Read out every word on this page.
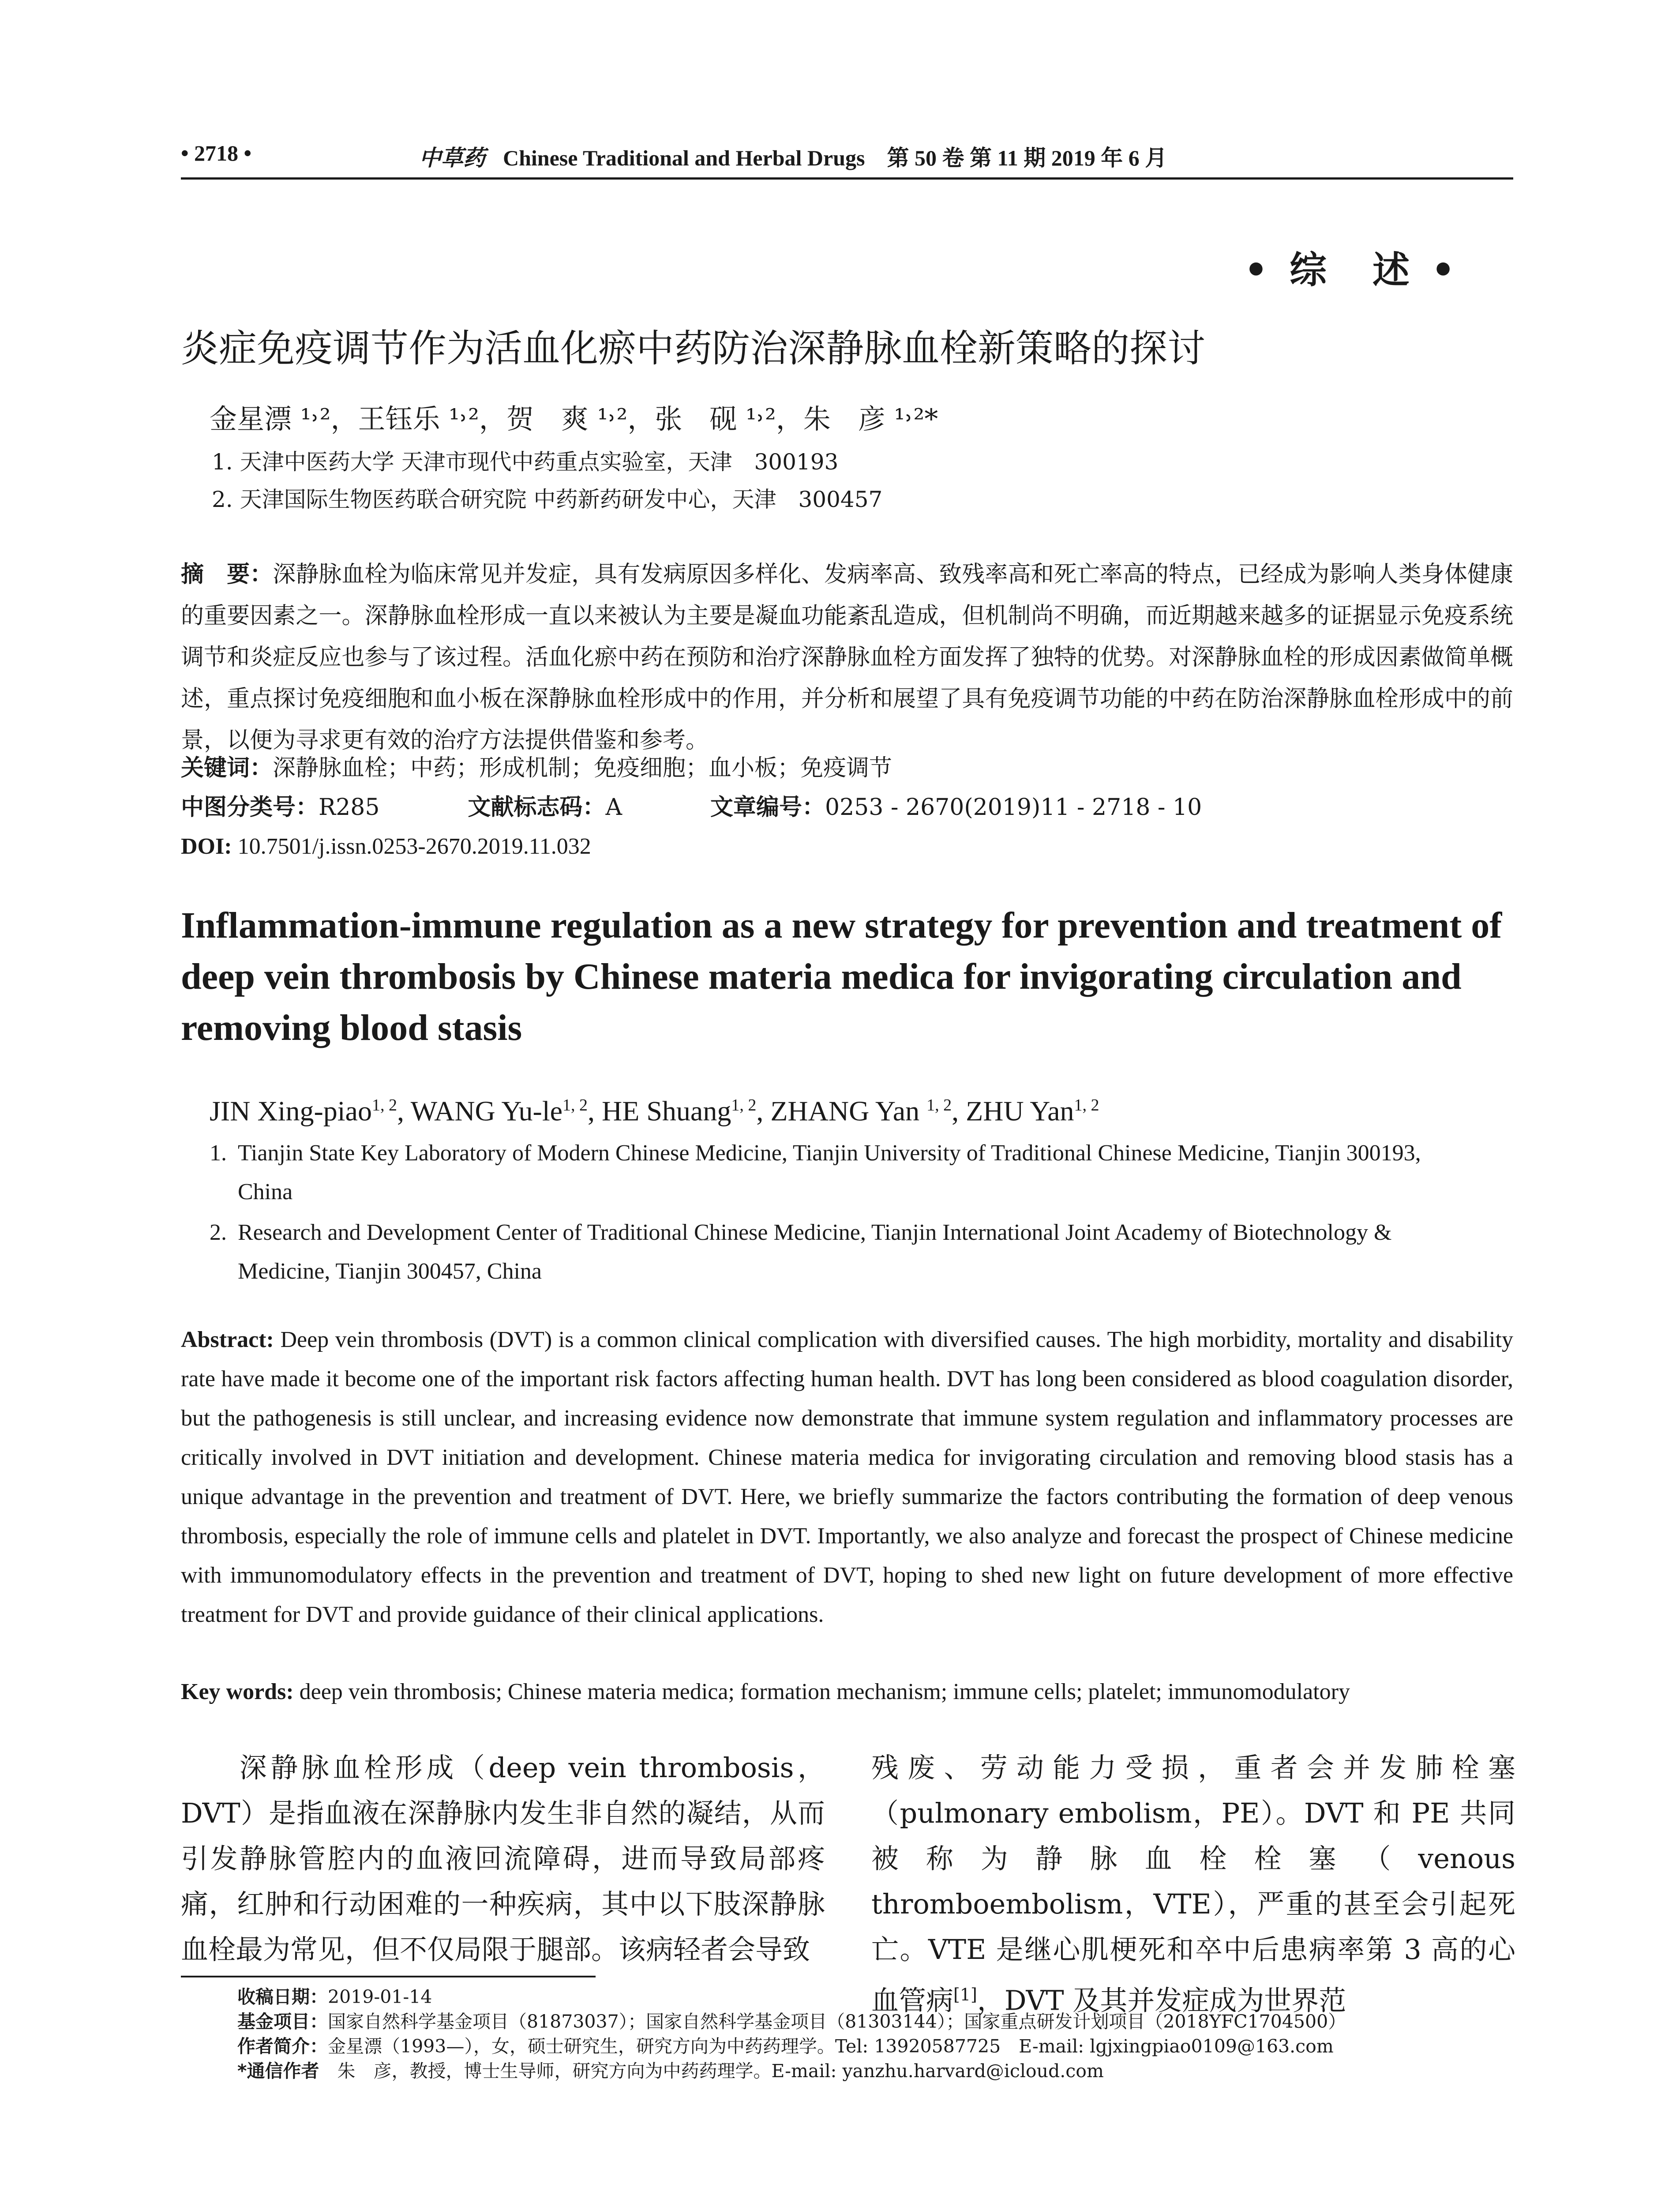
• 2718 •	中草药 Chinese Traditional and Herbal Drugs　第 50 卷 第 11 期 2019 年 6 月
• 综　述 •
炎症免疫调节作为活血化瘀中药防治深静脉血栓新策略的探讨
金星漂 ¹˒²，王钰乐 ¹˒²，贺　爽 ¹˒²，张　砚 ¹˒²，朱　彦 ¹˒²*
1. 天津中医药大学 天津市现代中药重点实验室，天津　300193
2. 天津国际生物医药联合研究院 中药新药研发中心，天津　300457
摘　要：深静脉血栓为临床常见并发症，具有发病原因多样化、发病率高、致残率高和死亡率高的特点，已经成为影响人类身体健康的重要因素之一。深静脉血栓形成一直以来被认为主要是凝血功能紊乱造成，但机制尚不明确，而近期越来越多的证据显示免疫系统调节和炎症反应也参与了该过程。活血化瘀中药在预防和治疗深静脉血栓方面发挥了独特的优势。对深静脉血栓的形成因素做简单概述，重点探讨免疫细胞和血小板在深静脉血栓形成中的作用，并分析和展望了具有免疫调节功能的中药在防治深静脉血栓形成中的前景，以便为寻求更有效的治疗方法提供借鉴和参考。
关键词：深静脉血栓；中药；形成机制；免疫细胞；血小板；免疫调节
中图分类号：R285	文献标志码：A	文章编号：0253 - 2670(2019)11 - 2718 - 10
DOI: 10.7501/j.issn.0253-2670.2019.11.032
Inflammation-immune regulation as a new strategy for prevention and treatment of deep vein thrombosis by Chinese materia medica for invigorating circulation and removing blood stasis
JIN Xing-piao$^{1, 2}$, WANG Yu-le$^{1, 2}$, HE Shuang$^{1, 2}$, ZHANG Yan $^{1, 2}$, ZHU Yan$^{1, 2}$
1. Tianjin State Key Laboratory of Modern Chinese Medicine, Tianjin University of Traditional Chinese Medicine, Tianjin 300193,
China
2. Research and Development Center of Traditional Chinese Medicine, Tianjin International Joint Academy of Biotechnology &
Medicine, Tianjin 300457, China
Abstract: Deep vein thrombosis (DVT) is a common clinical complication with diversified causes. The high morbidity, mortality and disability rate have made it become one of the important risk factors affecting human health. DVT has long been considered as blood coagulation disorder, but the pathogenesis is still unclear, and increasing evidence now demonstrate that immune system regulation and inflammatory processes are critically involved in DVT initiation and development. Chinese materia medica for invigorating circulation and removing blood stasis has a unique advantage in the prevention and treatment of DVT. Here, we briefly summarize the factors contributing the formation of deep venous thrombosis, especially the role of immune cells and platelet in DVT. Importantly, we also analyze and forecast the prospect of Chinese medicine with immunomodulatory effects in the prevention and treatment of DVT, hoping to shed new light on future development of more effective treatment for DVT and provide guidance of their clinical applications.
Key words: deep vein thrombosis; Chinese materia medica; formation mechanism; immune cells; platelet; immunomodulatory
深静脉血栓形成（deep vein thrombosis，DVT）是指血液在深静脉内发生非自然的凝结，从而引发静脉管腔内的血液回流障碍，进而导致局部疼痛，红肿和行动困难的一种疾病，其中以下肢深静脉血栓最为常见，但不仅局限于腿部。该病轻者会导致
残废、劳动能力受损，重者会并发肺栓塞（pulmonary embolism，PE）。DVT 和 PE 共同被称为静脉血栓栓塞（venous thromboembolism，VTE），严重的甚至会引起死亡。VTE 是继心肌梗死和卒中后患病率第 3 高的心血管病[1]，DVT 及其并发症成为世界范
收稿日期：2019-01-14
基金项目：国家自然科学基金项目（81873037）；国家自然科学基金项目（81303144）；国家重点研发计划项目（2018YFC1704500）
作者简介：金星漂（1993—），女，硕士研究生，研究方向为中药药理学。Tel: 13920587725　E-mail: lgjxingpiao0109@163.com
*通信作者　 朱　彦，教授，博士生导师，研究方向为中药药理学。E-mail: yanzhu.harvard@icloud.com
